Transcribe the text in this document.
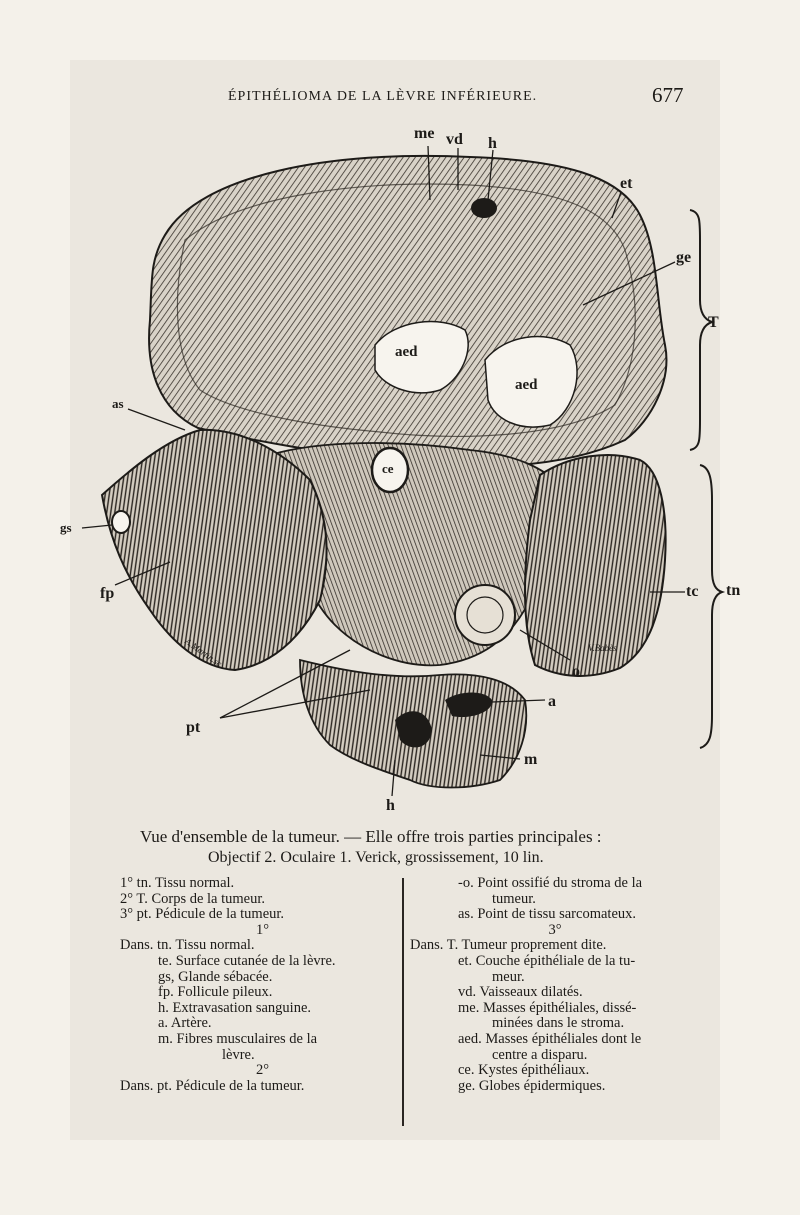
ÉPITHÉLIOMA DE LA LÈVRE INFÉRIEURE.	677
me vd h
et
ge
T
aed
aed
as
ce
gs
fp	tc tn
o
a
pt
m
h
A.Martin.sc.	V.Babès
Vue d'ensemble de la tumeur. — Elle offre trois parties principales :
Objectif 2. Oculaire 1. Verick, grossissement, 10 lin.
1° tn. Tissu normal.
2° T. Corps de la tumeur.
3° pt. Pédicule de la tumeur.
1°
Dans. tn. Tissu normal.
te. Surface cutanée de la lèvre.
gs, Glande sébacée.
fp. Follicule pileux.
h. Extravasation sanguine.
a. Artère.
m. Fibres musculaires de la
lèvre.
2°
Dans. pt. Pédicule de la tumeur.
-o. Point ossifié du stroma de la
tumeur.
as. Point de tissu sarcomateux.
3°
Dans. T. Tumeur proprement dite.
et. Couche épithéliale de la tu-
meur.
vd. Vaisseaux dilatés.
me. Masses épithéliales, dissé-
minées dans le stroma.
aed. Masses épithéliales dont le
centre a disparu.
ce. Kystes épithéliaux.
ge. Globes épidermiques.
